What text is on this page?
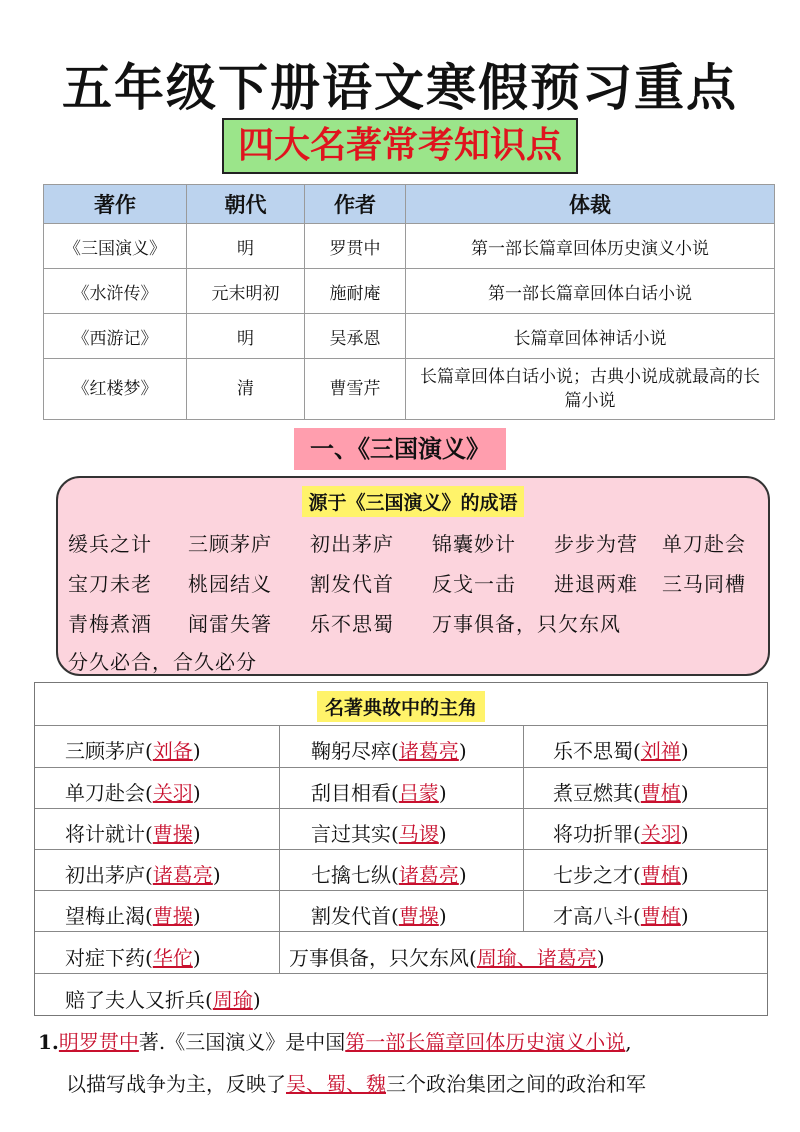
五年级下册语文寒假预习重点
四大名著常考知识点
著作	朝代	作者	体裁
《三国演义》	明	罗贯中	第一部长篇章回体历史演义小说
《水浒传》	元末明初	施耐庵	第一部长篇章回体白话小说
《西游记》	明	吴承恩	长篇章回体神话小说
《红楼梦》	清	曹雪芹	长篇章回体白话小说；古典小说成就最高的长篇小说
一、《三国演义》
源于《三国演义》的成语
缓兵之计 三顾茅庐 初出茅庐 锦囊妙计 步步为营 单刀赴会
宝刀未老 桃园结义 割发代首 反戈一击 进退两难 三马同槽
青梅煮酒 闻雷失箸 乐不思蜀 万事俱备，只欠东风
分久必合，合久必分
名著典故中的主角
三顾茅庐(刘备)	鞠躬尽瘁(诸葛亮)	乐不思蜀(刘禅)
单刀赴会(关羽)	刮目相看(吕蒙)	煮豆燃萁(曹植)
将计就计(曹操)	言过其实(马谡)	将功折罪(关羽)
初出茅庐(诸葛亮)	七擒七纵(诸葛亮)	七步之才(曹植)
望梅止渴(曹操)	割发代首(曹操)	才高八斗(曹植)
对症下药(华佗)	万事俱备，只欠东风(周瑜、诸葛亮)
赔了夫人又折兵(周瑜)
1.明罗贯中著.《三国演义》是中国第一部长篇章回体历史演义小说,
以描写战争为主，反映了吴、蜀、魏三个政治集团之间的政治和军
